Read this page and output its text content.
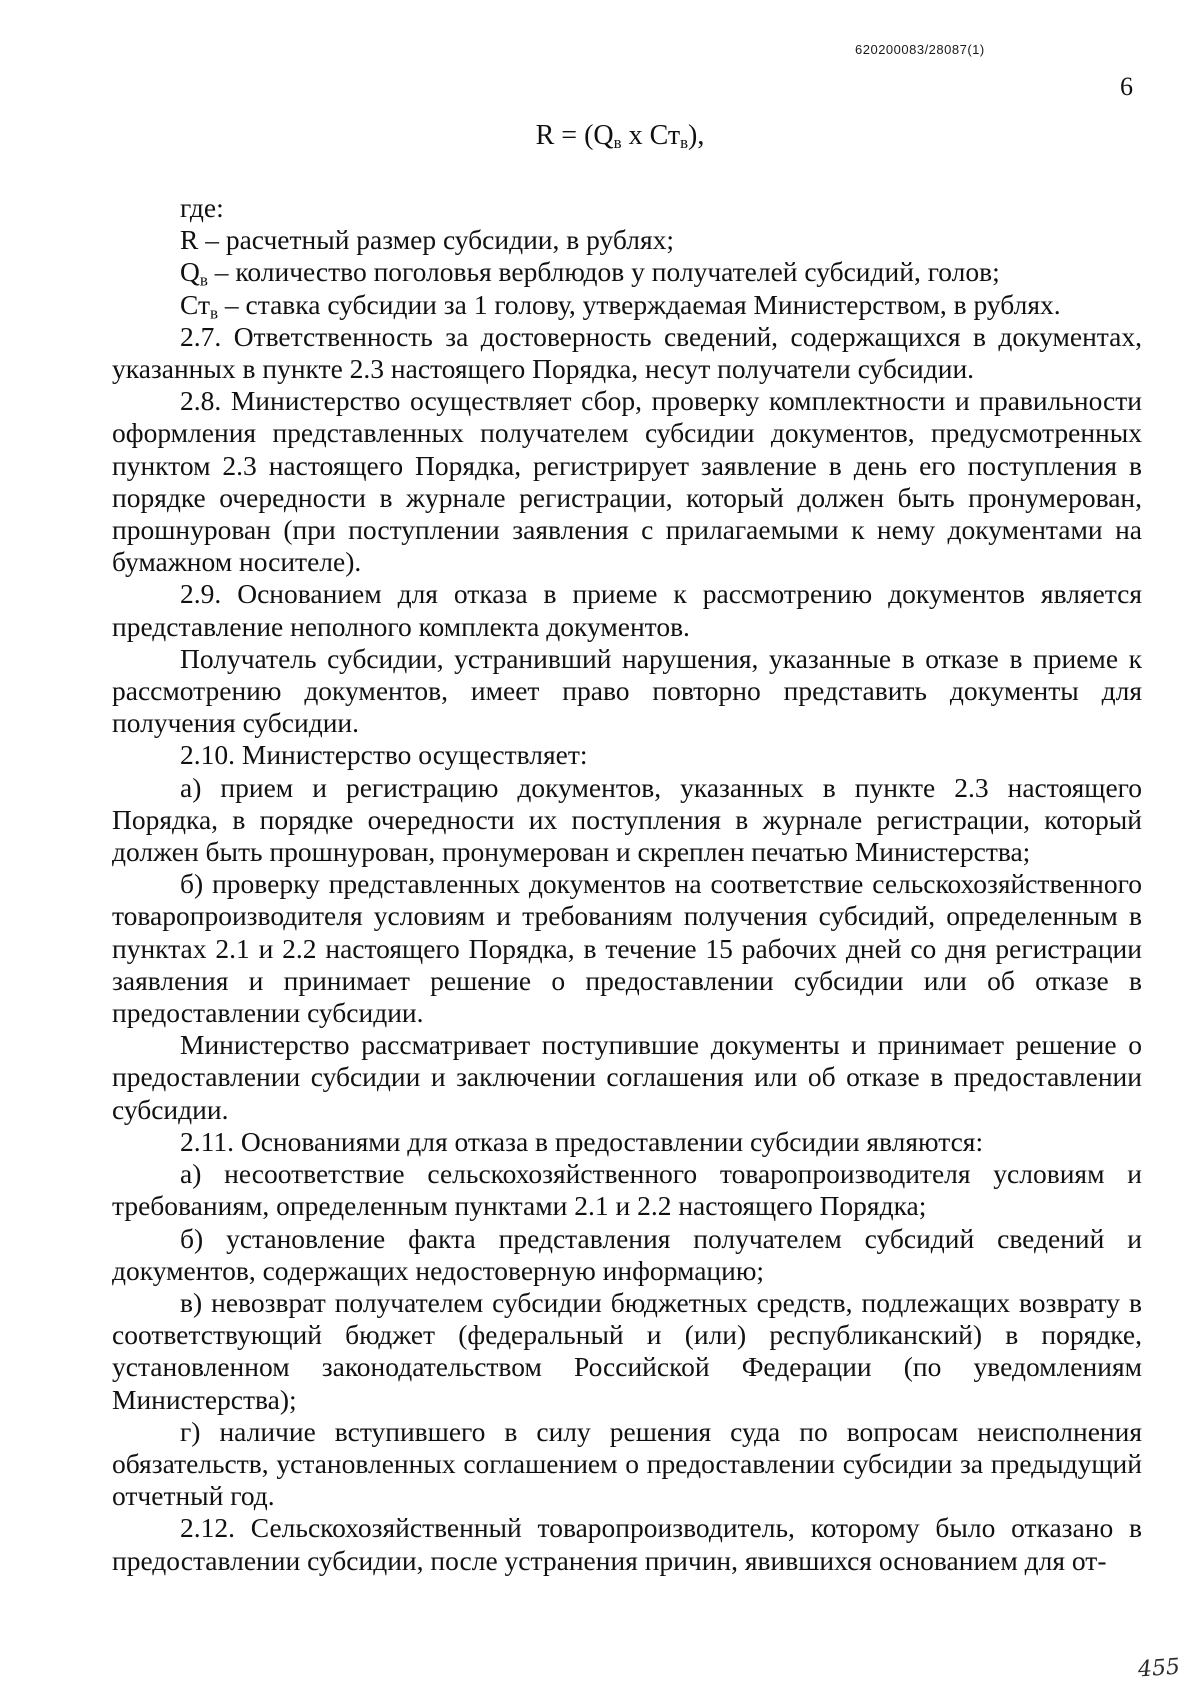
620200083/28087(1)
6
$R = (Q_в$ x $Ст_в$),

где:

R – расчетный размер субсидии, в рублях;

$Q_в$ – количество поголовья верблюдов у получателей субсидий, голов;

$Ст_в$ – ставка субсидии за 1 голову, утверждаемая Министерством, в рублях.

2.7. Ответственность за достоверность сведений, содержащихся в документах, указанных в пункте 2.3 настоящего Порядка, несут получатели субсидии.

2.8. Министерство осуществляет сбор, проверку комплектности и правильности оформления представленных получателем субсидии документов, предусмотренных пунктом 2.3 настоящего Порядка, регистрирует заявление в день его поступления в порядке очередности в журнале регистрации, который должен быть пронумерован, прошнурован (при поступлении заявления с прилагаемыми к нему документами на бумажном носителе).

2.9. Основанием для отказа в приеме к рассмотрению документов является представление неполного комплекта документов.

Получатель субсидии, устранивший нарушения, указанные в отказе в приеме к рассмотрению документов, имеет право повторно представить документы для получения субсидии.

2.10. Министерство осуществляет:

а) прием и регистрацию документов, указанных в пункте 2.3 настоящего Порядка, в порядке очередности их поступления в журнале регистрации, который должен быть прошнурован, пронумерован и скреплен печатью Министерства;

б) проверку представленных документов на соответствие сельскохозяйственного товаропроизводителя условиям и требованиям получения субсидий, определенным в пунктах 2.1 и 2.2 настоящего Порядка, в течение 15 рабочих дней со дня регистрации заявления и принимает решение о предоставлении субсидии или об отказе в предоставлении субсидии.

Министерство рассматривает поступившие документы и принимает решение о предоставлении субсидии и заключении соглашения или об отказе в предоставлении субсидии.

2.11. Основаниями для отказа в предоставлении субсидии являются:

а) несоответствие сельскохозяйственного товаропроизводителя условиям и требованиям, определенным пунктами 2.1 и 2.2 настоящего Порядка;

б) установление факта представления получателем субсидий сведений и документов, содержащих недостоверную информацию;

в) невозврат получателем субсидии бюджетных средств, подлежащих возврату в соответствующий бюджет (федеральный и (или) республиканский) в порядке, установленном законодательством Российской Федерации (по уведомлениям Министерства);

г) наличие вступившего в силу решения суда по вопросам неисполнения обязательств, установленных соглашением о предоставлении субсидии за предыдущий отчетный год.

2.12. Сельскохозяйственный товаропроизводитель, которому было отказано в предоставлении субсидии, после устранения причин, явившихся основанием для от-

455
